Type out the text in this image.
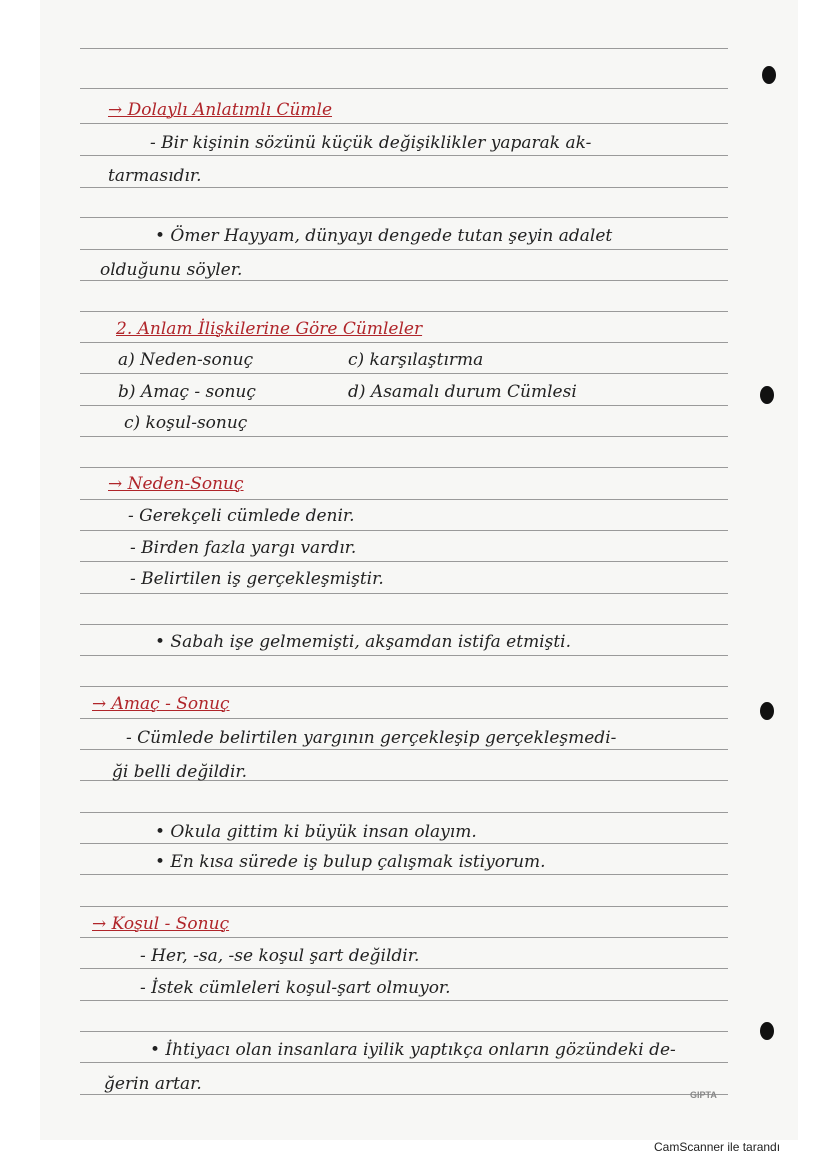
→ Dolaylı Anlatımlı Cümle
- Bir kişinin sözünü küçük değişiklikler yaparak ak-
tarmasıdır.
• Ömer Hayyam, dünyayı dengede tutan şeyin adalet
olduğunu söyler.
2. Anlam İlişkilerine Göre Cümleler
a) Neden-sonuç	c) karşılaştırma
b) Amaç - sonuç	d) Asamalı durum Cümlesi
c) koşul-sonuç
→ Neden-Sonuç
- Gerekçeli cümlede denir.
- Birden fazla yargı vardır.
- Belirtilen iş gerçekleşmiştir.
• Sabah işe gelmemişti, akşamdan istifa etmişti.
→ Amaç - Sonuç
- Cümlede belirtilen yargının gerçekleşip gerçekleşmedi-
ği belli değildir.
• Okula gittim ki büyük insan olayım.
• En kısa sürede iş bulup çalışmak istiyorum.
→ Koşul - Sonuç
- Her, -sa, -se koşul şart değildir.
- İstek cümleleri koşul-şart olmuyor.
• İhtiyacı olan insanlara iyilik yaptıkça onların gözündeki de-
ğerin artar.
GIPTA
CamScanner ile tarandı
